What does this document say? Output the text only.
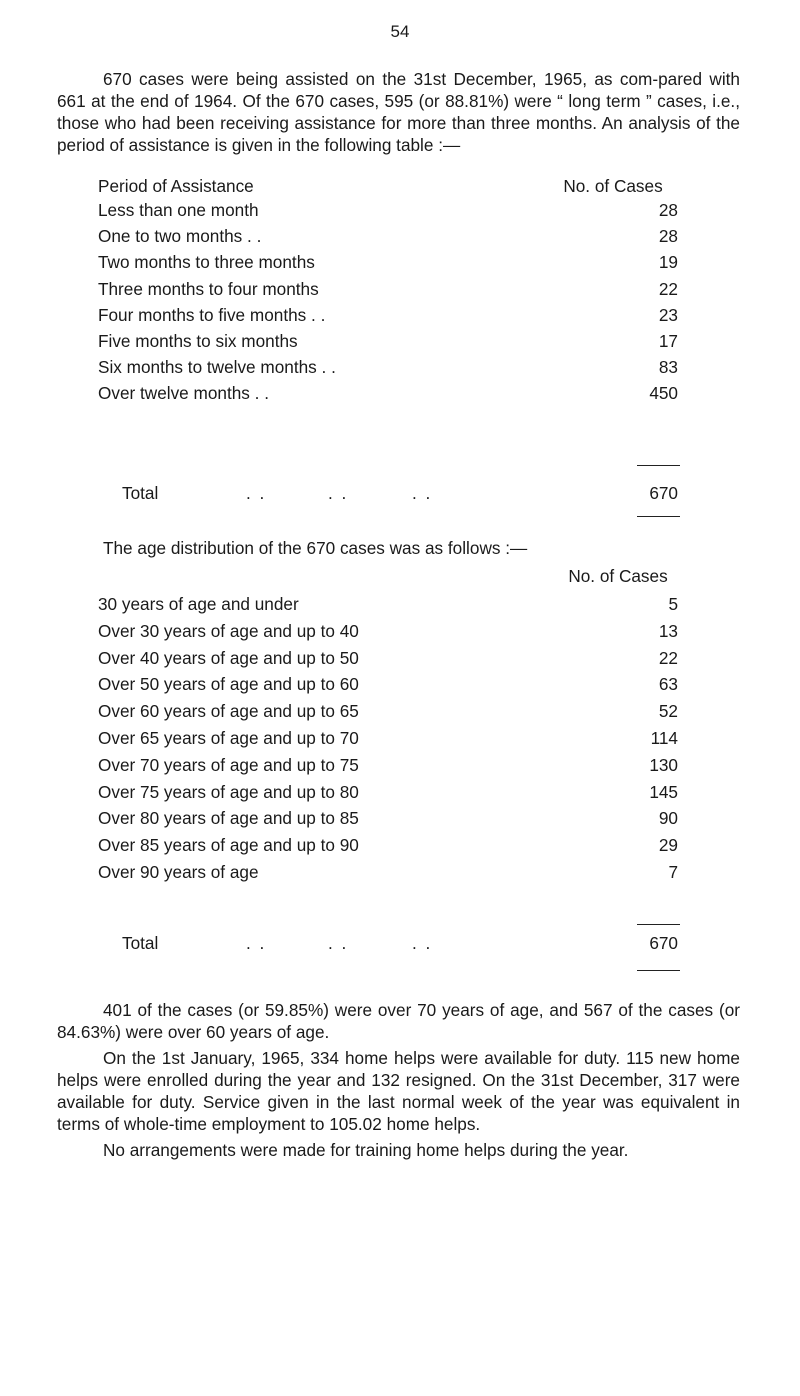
54

670 cases were being assisted on the 31st December, 1965, as com-pared with 661 at the end of 1964. Of the 670 cases, 595 (or 88.81%) were “ long term ” cases, i.e., those who had been receiving assistance for more than three months. An analysis of the period of assistance is given in the following table :—

Period of Assistance	No. of Cases
Less than one month	28
One to two months . .	28
Two months to three months	19
Three months to four months	22
Four months to five months . .	23
Five months to six months	17
Six months to twelve months . .	83
Over twelve months . .	450
Total	. .	. .	. .	670

The age distribution of the 670 cases was as follows :—

No. of Cases
30 years of age and under	5
Over 30 years of age and up to 40	13
Over 40 years of age and up to 50	22
Over 50 years of age and up to 60	63
Over 60 years of age and up to 65	52
Over 65 years of age and up to 70	114
Over 70 years of age and up to 75	130
Over 75 years of age and up to 80	145
Over 80 years of age and up to 85	90
Over 85 years of age and up to 90	29
Over 90 years of age	7
Total	. .	. .	. .	670

401 of the cases (or 59.85%) were over 70 years of age, and 567 of the cases (or 84.63%) were over 60 years of age.

On the 1st January, 1965, 334 home helps were available for duty. 115 new home helps were enrolled during the year and 132 resigned. On the 31st December, 317 were available for duty. Service given in the last normal week of the year was equivalent in terms of whole-time employment to 105.02 home helps.

No arrangements were made for training home helps during the year.
